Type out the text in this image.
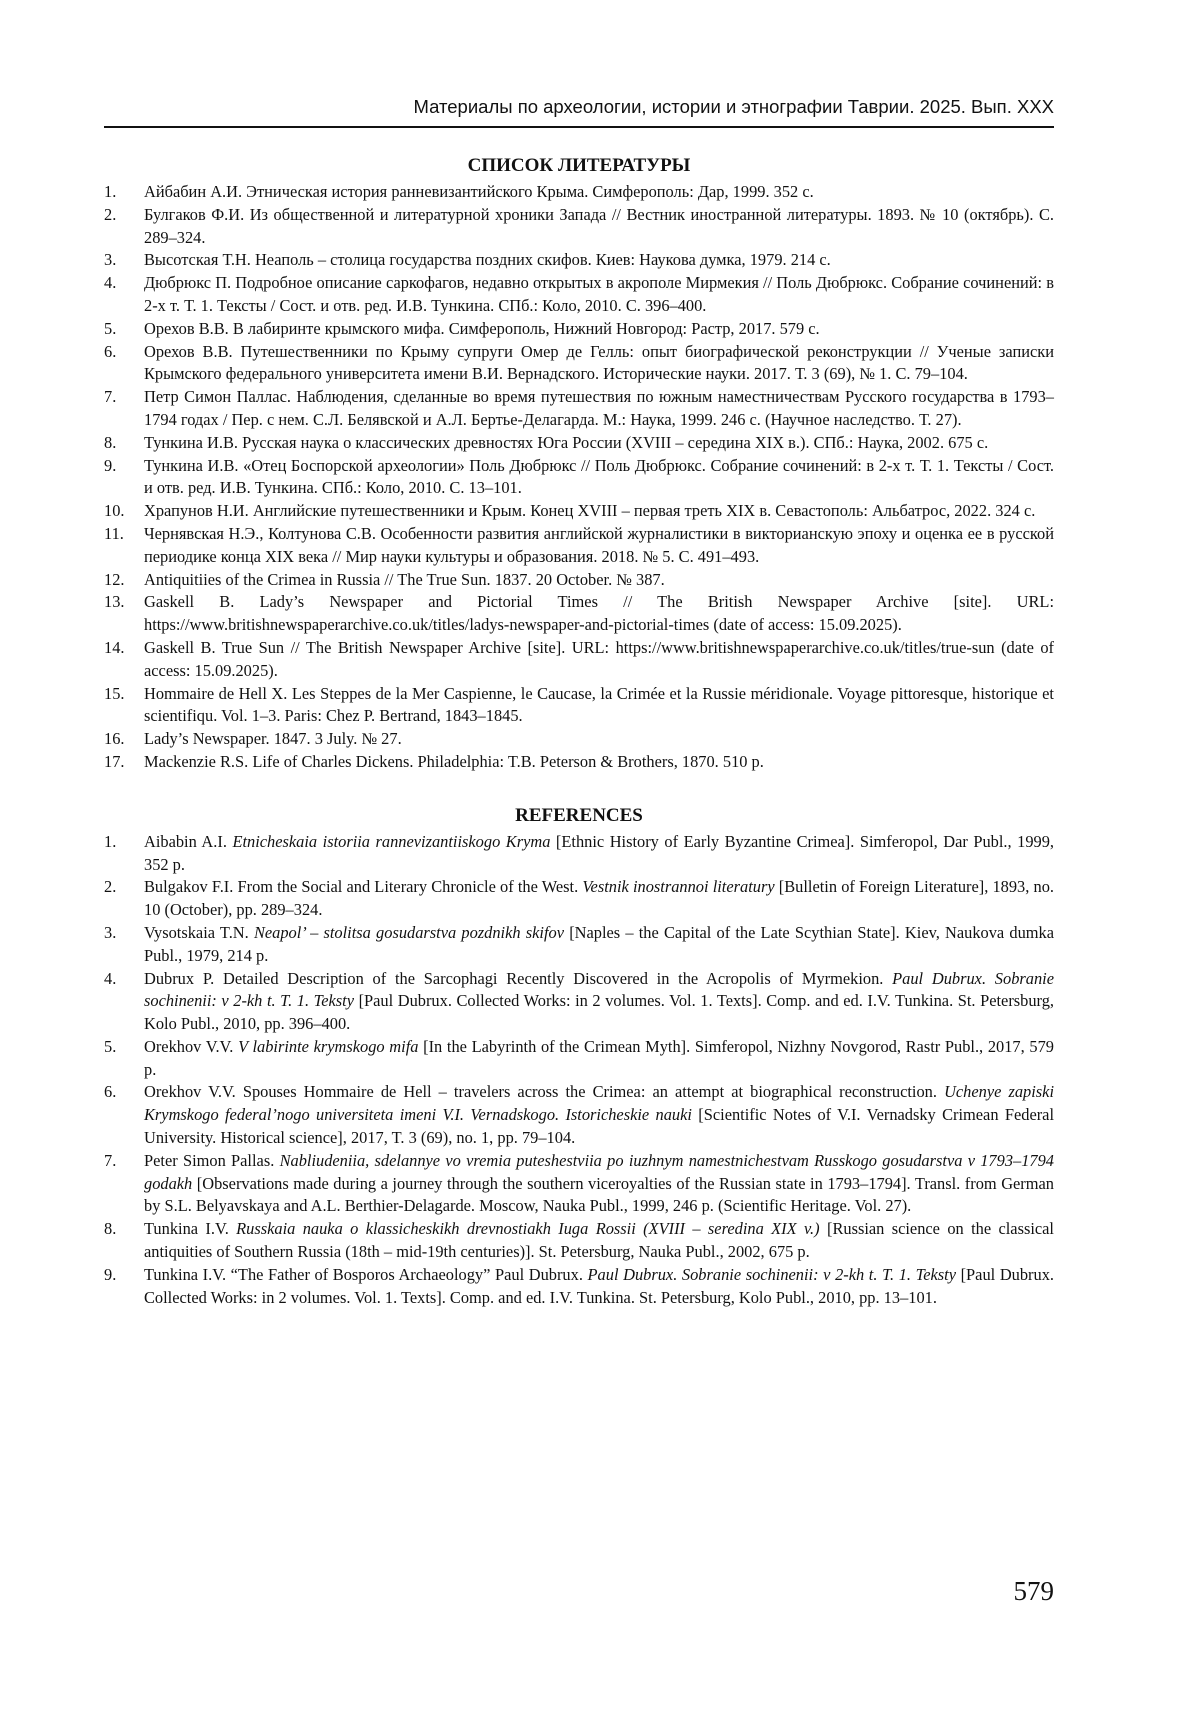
Материалы по археологии, истории и этнографии Таврии. 2025. Вып. XXX
СПИСОК ЛИТЕРАТУРЫ
1.	Айбабин А.И. Этническая история ранневизантийского Крыма. Симферополь: Дар, 1999. 352 с.
2.	Булгаков Ф.И. Из общественной и литературной хроники Запада // Вестник иностранной литературы. 1893. № 10 (октябрь). С. 289–324.
3.	Высотская Т.Н. Неаполь – столица государства поздних скифов. Киев: Наукова думка, 1979. 214 с.
4.	Дюбрюкс П. Подробное описание саркофагов, недавно открытых в акрополе Мирмекия // Поль Дюбрюкс. Собрание сочинений: в 2-х т. Т. 1. Тексты / Сост. и отв. ред. И.В. Тункина. СПб.: Коло, 2010. С. 396–400.
5.	Орехов В.В. В лабиринте крымского мифа. Симферополь, Нижний Новгород: Растр, 2017. 579 с.
6.	Орехов В.В. Путешественники по Крыму супруги Омер де Гелль: опыт биографической реконструкции // Ученые записки Крымского федерального университета имени В.И. Вернадского. Исторические науки. 2017. Т. 3 (69), № 1. С. 79–104.
7.	Петр Симон Паллас. Наблюдения, сделанные во время путешествия по южным наместничествам Русского государства в 1793–1794 годах / Пер. с нем. С.Л. Белявской и А.Л. Бертье-Делагарда. М.: Наука, 1999. 246 с. (Научное наследство. Т. 27).
8.	Тункина И.В. Русская наука о классических древностях Юга России (XVIII – середина XIX в.). СПб.: Наука, 2002. 675 с.
9.	Тункина И.В. «Отец Боспорской археологии» Поль Дюбрюкс // Поль Дюбрюкс. Собрание сочинений: в 2-х т. Т. 1. Тексты / Сост. и отв. ред. И.В. Тункина. СПб.: Коло, 2010. С. 13–101.
10.	Храпунов Н.И. Английские путешественники и Крым. Конец XVIII – первая треть XIX в. Севастополь: Альбатрос, 2022. 324 с.
11.	Чернявская Н.Э., Колтунова С.В. Особенности развития английской журналистики в викторианскую эпоху и оценка ее в русской периодике конца XIX века // Мир науки культуры и образования. 2018. № 5. С. 491–493.
12.	Antiquitiies of the Crimea in Russia // The True Sun. 1837. 20 October. № 387.
13.	Gaskell B. Lady’s Newspaper and Pictorial Times // The British Newspaper Archive [site]. URL: https://www.britishnewspaperarchive.co.uk/titles/ladys-newspaper-and-pictorial-times (date of access: 15.09.2025).
14.	Gaskell B. True Sun // The British Newspaper Archive [site]. URL: https://www.britishnewspaperarchive.co.uk/titles/true-sun (date of access: 15.09.2025).
15.	Hommaire de Hell X. Les Steppes de la Mer Caspienne, le Caucase, la Crimée et la Russie méridionale. Voyage pittoresque, historique et scientifiqu. Vol. 1–3. Paris: Chez P. Bertrand, 1843–1845.
16.	Lady’s Newspaper. 1847. 3 July. № 27.
17.	Mackenzie R.S. Life of Charles Dickens. Philadelphia: T.B. Peterson & Brothers, 1870. 510 p.
REFERENCES
1.	Aibabin A.I. Etnicheskaia istoriia rannevizantiiskogo Kryma [Ethnic History of Early Byzantine Crimea]. Simferopol, Dar Publ., 1999, 352 p.
2.	Bulgakov F.I. From the Social and Literary Chronicle of the West. Vestnik inostrannoi literatury [Bulletin of Foreign Literature], 1893, no. 10 (October), pp. 289–324.
3.	Vysotskaia T.N. Neapol’ – stolitsa gosudarstva pozdnikh skifov [Naples – the Capital of the Late Scythian State]. Kiev, Naukova dumka Publ., 1979, 214 p.
4.	Dubrux P. Detailed Description of the Sarcophagi Recently Discovered in the Acropolis of Myrmekion. Paul Dubrux. Sobranie sochinenii: v 2-kh t. T. 1. Teksty [Paul Dubrux. Collected Works: in 2 volumes. Vol. 1. Texts]. Comp. and ed. I.V. Tunkina. St. Petersburg, Kolo Publ., 2010, pp. 396–400.
5.	Orekhov V.V. V labirinte krymskogo mifa [In the Labyrinth of the Crimean Myth]. Simferopol, Nizhny Novgorod, Rastr Publ., 2017, 579 p.
6.	Orekhov V.V. Spouses Hommaire de Hell – travelers across the Crimea: an attempt at biographical reconstruction. Uchenye zapiski Krymskogo federal’nogo universiteta imeni V.I. Vernadskogo. Istoricheskie nauki [Scientific Notes of V.I. Vernadsky Crimean Federal University. Historical science], 2017, T. 3 (69), no. 1, pp. 79–104.
7.	Peter Simon Pallas. Nabliudeniia, sdelannye vo vremia puteshestviia po iuzhnym namestnichestvam Russkogo gosudarstva v 1793–1794 godakh [Observations made during a journey through the southern viceroyalties of the Russian state in 1793–1794]. Transl. from German by S.L. Belyavskaya and A.L. Berthier-Delagarde. Moscow, Nauka Publ., 1999, 246 p. (Scientific Heritage. Vol. 27).
8.	Tunkina I.V. Russkaia nauka o klassicheskikh drevnostiakh Iuga Rossii (XVIII – seredina XIX v.) [Russian science on the classical antiquities of Southern Russia (18th – mid-19th centuries)]. St. Petersburg, Nauka Publ., 2002, 675 p.
9.	Tunkina I.V. “The Father of Bosporos Archaeology” Paul Dubrux. Paul Dubrux. Sobranie sochinenii: v 2-kh t. T. 1. Teksty [Paul Dubrux. Collected Works: in 2 volumes. Vol. 1. Texts]. Comp. and ed. I.V. Tunkina. St. Petersburg, Kolo Publ., 2010, pp. 13–101.
579
